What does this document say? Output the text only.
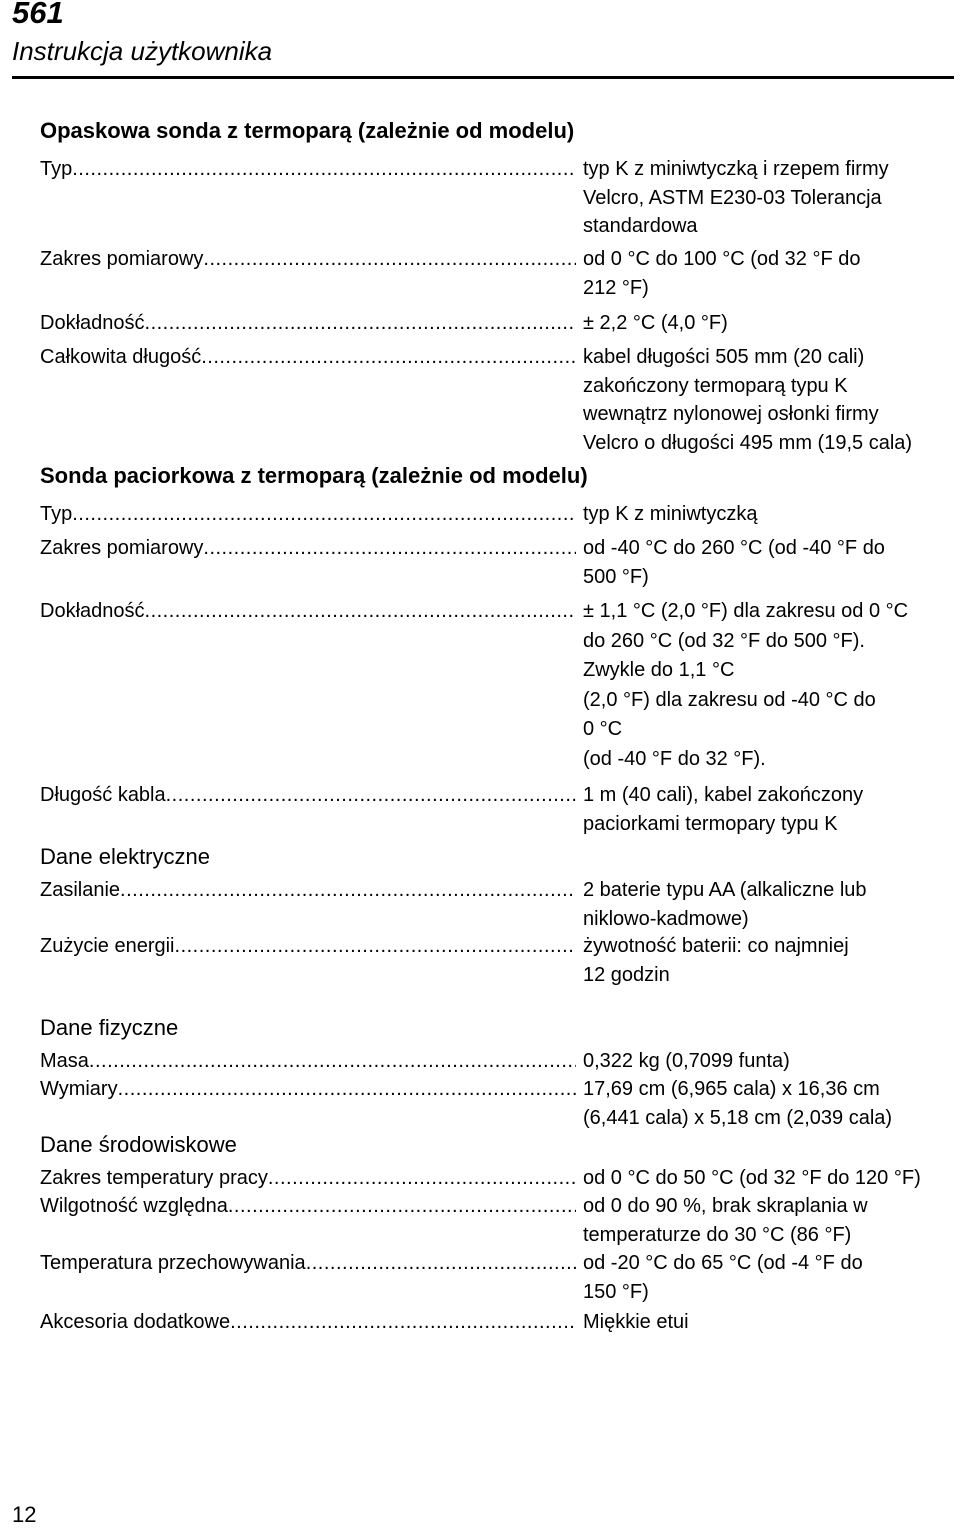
561
Instrukcja użytkownika
Opaskowa sonda z termoparą (zależnie od modelu)
Typ .....	typ K z miniwtyczką i rzepem firmy
Velcro, ASTM E230-03 Tolerancja
standardowa
Zakres pomiarowy .....	od 0 °C do 100 °C (od 32 °F do
212 °F)
Dokładność .....	± 2,2 °C (4,0 °F)
Całkowita długość .....	kabel długości 505 mm (20 cali)
zakończony termoparą typu K
wewnątrz nylonowej osłonki firmy
Velcro o długości 495 mm (19,5 cala)
Sonda paciorkowa z termoparą (zależnie od modelu)
Typ .....	typ K z miniwtyczką
Zakres pomiarowy .....	od -40 °C do 260 °C (od -40 °F do
500 °F)
Dokładność .....	± 1,1 °C (2,0 °F) dla zakresu od 0 °C
do 260 °C (od 32 °F do 500 °F).
Zwykle do 1,1 °C
(2,0 °F) dla zakresu od -40 °C do
0 °C
(od -40 °F do 32 °F).
Długość kabla .....	1 m (40 cali), kabel zakończony
paciorkami termopary typu K
Dane elektryczne
Zasilanie .....	2 baterie typu AA (alkaliczne lub
niklowo-kadmowe)
Zużycie energii .....	żywotność baterii: co najmniej
12 godzin
Dane fizyczne
Masa .....	0,322 kg (0,7099 funta)
Wymiary .....	17,69 cm (6,965 cala) x 16,36 cm
(6,441 cala) x 5,18 cm (2,039 cala)
Dane środowiskowe
Zakres temperatury pracy .....	od 0 °C do 50 °C (od 32 °F do 120 °F)
Wilgotność względna .....	od 0 do 90 %, brak skraplania w
temperaturze do 30 °C (86 °F)
Temperatura przechowywania .....	od -20 °C do 65 °C (od -4 °F do
150 °F)
Akcesoria dodatkowe .....	Miękkie etui
12
